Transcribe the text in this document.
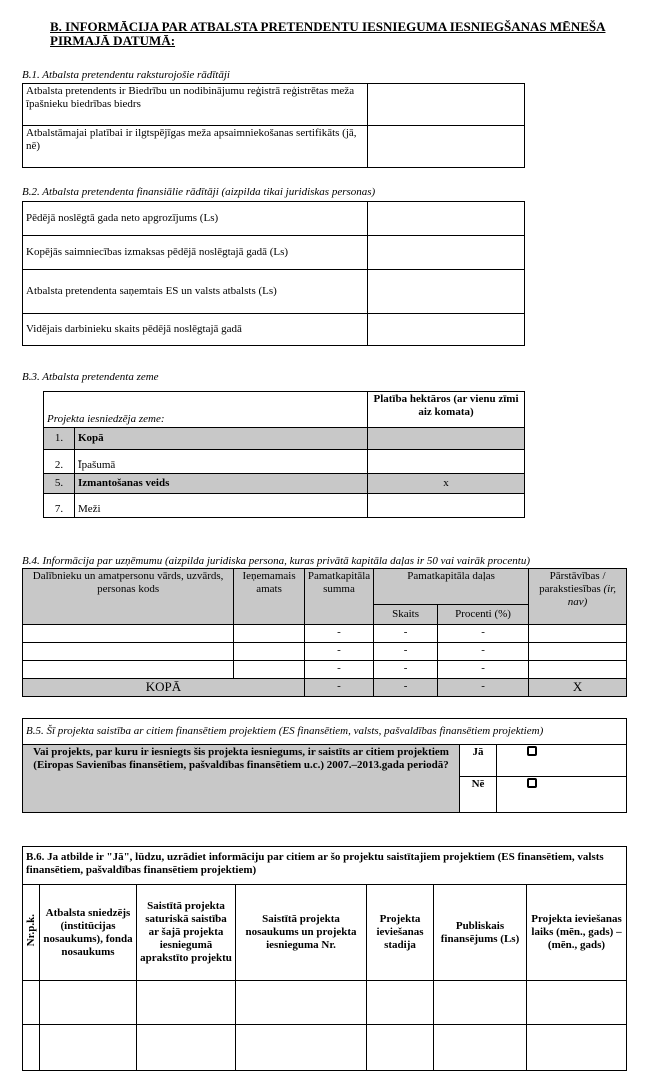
B. INFORMĀCIJA PAR ATBALSTA PRETENDENTU IESNIEGUMA IESNIEGŠANAS MĒNEŠA PIRMAJĀ DATUMĀ:
B.1. Atbalsta pretendentu raksturojošie rādītāji
Atbalsta pretendents ir Biedrību un nodibinājumu reģistrā reģistrētas meža īpašnieku biedrības biedrs	
Atbalstāmajai platībai ir ilgtspējīgas meža apsaimniekošanas sertifikāts (jā, nē)	
B.2. Atbalsta pretendenta finansiālie rādītāji (aizpilda tikai juridiskas personas)
Pēdējā noslēgtā gada neto apgrozījums (Ls)	
Kopējās saimniecības izmaksas pēdējā noslēgtajā gadā (Ls)	
Atbalsta pretendenta saņemtais ES un valsts atbalsts (Ls)	
Vidējais darbinieku skaits pēdējā noslēgtajā gadā	
B.3. Atbalsta pretendenta zeme
Projekta iesniedzēja zeme:		Platība hektāros (ar vienu zīmi aiz komata)
1.	Kopā	
2.	Īpašumā	
5.	Izmantošanas veids	x
7.	Meži	
B.4. Informācija par uzņēmumu (aizpilda juridiska persona, kuras privātā kapitāla daļas ir 50 vai vairāk procentu)
Dalībnieku un amatpersonu vārds, uzvārds, personas kods	Ieņemamais amats	Pamatkapitāla summa	Pamatkapitāla daļas		Pārstāvības / parakstiesības (ir, nav)
			Skaits	Procenti (%)	
		-	-	-	
		-	-	-	
		-	-	-	
KOPĀ		-	-	-	X
B.5. Šī projekta saistība ar citiem finansētiem projektiem (ES finansētiem, valsts, pašvaldības finansētiem projektiem)		
Vai projekts, par kuru ir iesniegts šis projekta iesniegums, ir saistīts ar citiem projektiem (Eiropas Savienības finansētiem, pašvaldības finansētiem u.c.) 2007.–2013.gada periodā?	Jā	
	Nē	
B.6. Ja atbilde ir "Jā", lūdzu, uzrādiet informāciju par citiem ar šo projektu saistītajiem projektiem (ES finansētiem, valsts finansētiem, pašvaldības finansētiem projektiem)						
Nr.p.k.	Atbalsta sniedzējs (institūcijas nosaukums), fonda nosaukums	Saistītā projekta saturiskā saistība ar šajā projekta iesniegumā aprakstīto projektu	Saistītā projekta nosaukums un projekta iesnieguma Nr.	Projekta ieviešanas stadija	Publiskais finansējums (Ls)	Projekta ieviešanas laiks (mēn., gads) – (mēn., gads)
